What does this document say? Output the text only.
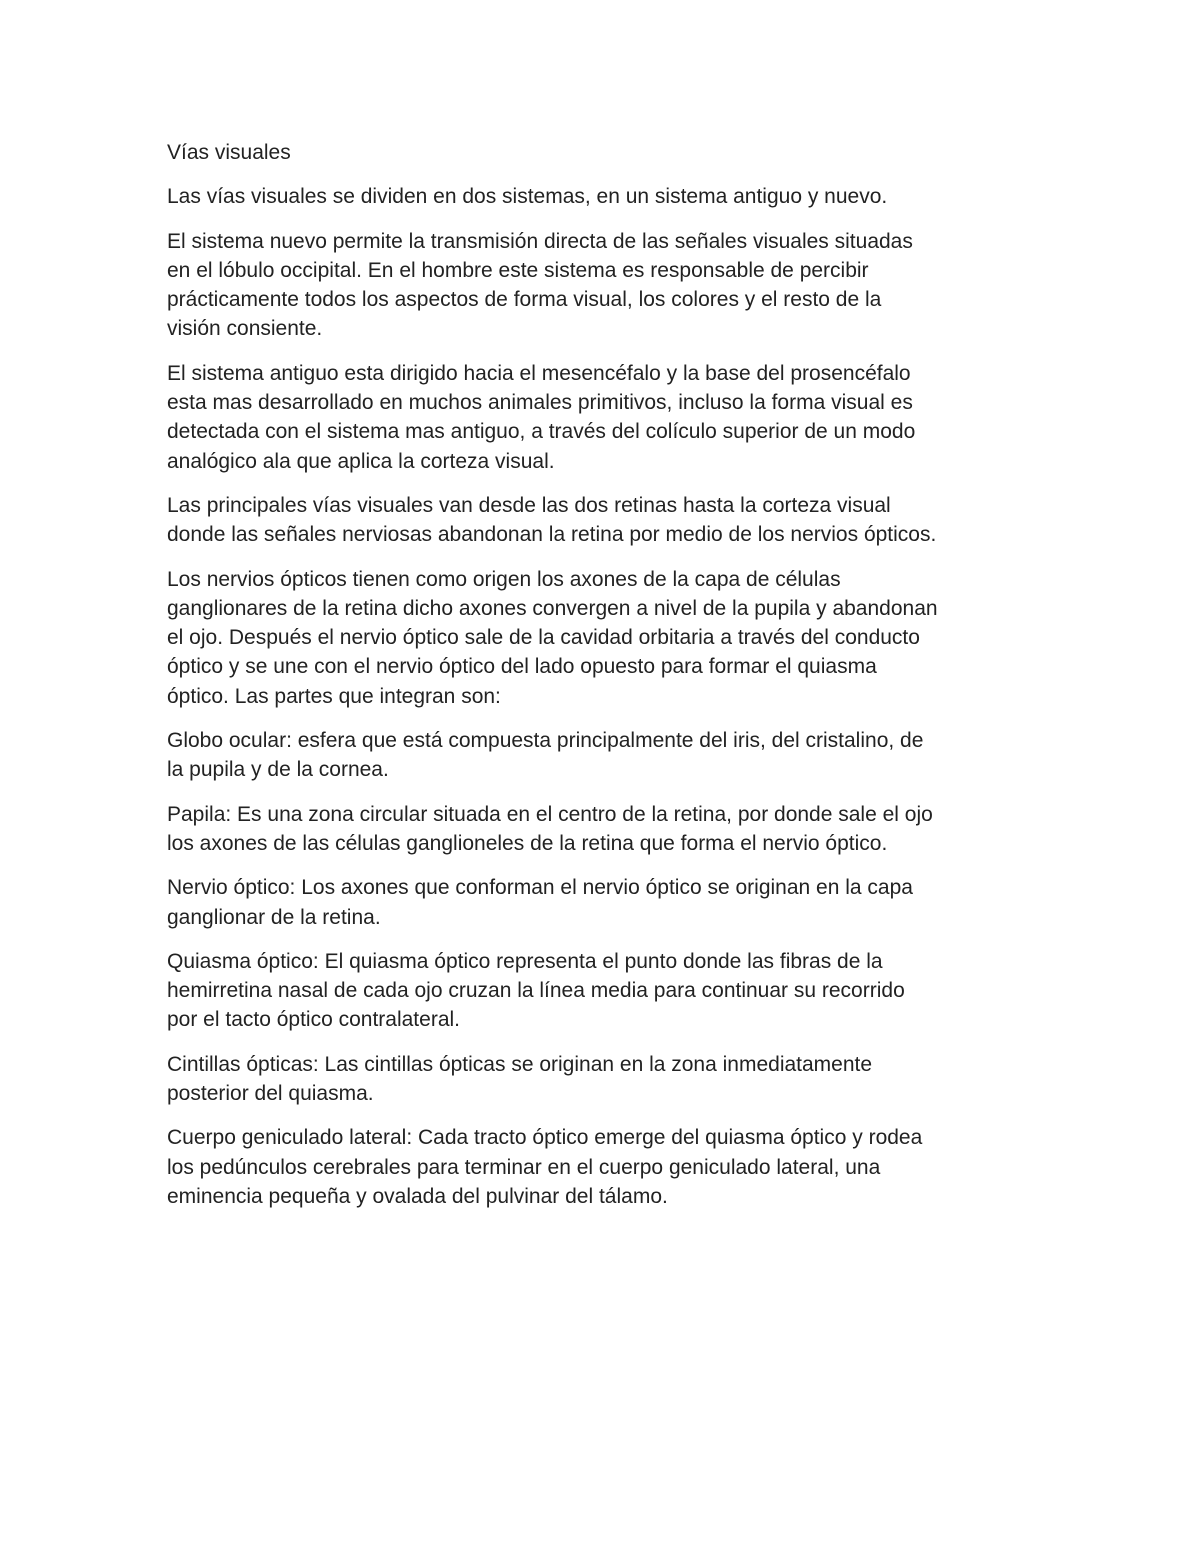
Vías visuales

Las vías visuales se dividen en dos sistemas, en un sistema antiguo y nuevo.

El sistema nuevo permite la transmisión directa de las señales visuales situadas
en el lóbulo occipital. En el hombre este sistema es responsable de percibir
prácticamente todos los aspectos de forma visual, los colores y el resto de la
visión consiente.

El sistema antiguo esta dirigido hacia el mesencéfalo y la base del prosencéfalo
esta mas desarrollado en muchos animales primitivos, incluso la forma visual es
detectada con el sistema mas antiguo, a través del colículo superior de un modo
analógico ala que aplica la corteza visual.

Las principales vías visuales van desde las dos retinas hasta la corteza visual
donde las señales nerviosas abandonan la retina por medio de los nervios ópticos.

Los nervios ópticos tienen como origen los axones de la capa de células
ganglionares de la retina dicho axones convergen a nivel de la pupila y abandonan
el ojo. Después el nervio óptico sale de la cavidad orbitaria a través del conducto
óptico y se une con el nervio óptico del lado opuesto para formar el quiasma
óptico. Las partes que integran son:

Globo ocular: esfera que está compuesta principalmente del iris, del cristalino, de
la pupila y de la cornea.

Papila: Es una zona circular situada en el centro de la retina, por donde sale el ojo
los axones de las células ganglioneles de la retina que forma el nervio óptico.

Nervio óptico: Los axones que conforman el nervio óptico se originan en la capa
ganglionar de la retina.

Quiasma óptico: El quiasma óptico representa el punto donde las fibras de la
hemirretina nasal de cada ojo cruzan la línea media para continuar su recorrido
por el tacto óptico contralateral.

Cintillas ópticas: Las cintillas ópticas se originan en la zona inmediatamente
posterior del quiasma.

Cuerpo geniculado lateral: Cada tracto óptico emerge del quiasma óptico y rodea
los pedúnculos cerebrales para terminar en el cuerpo geniculado lateral, una
eminencia pequeña y ovalada del pulvinar del tálamo.
